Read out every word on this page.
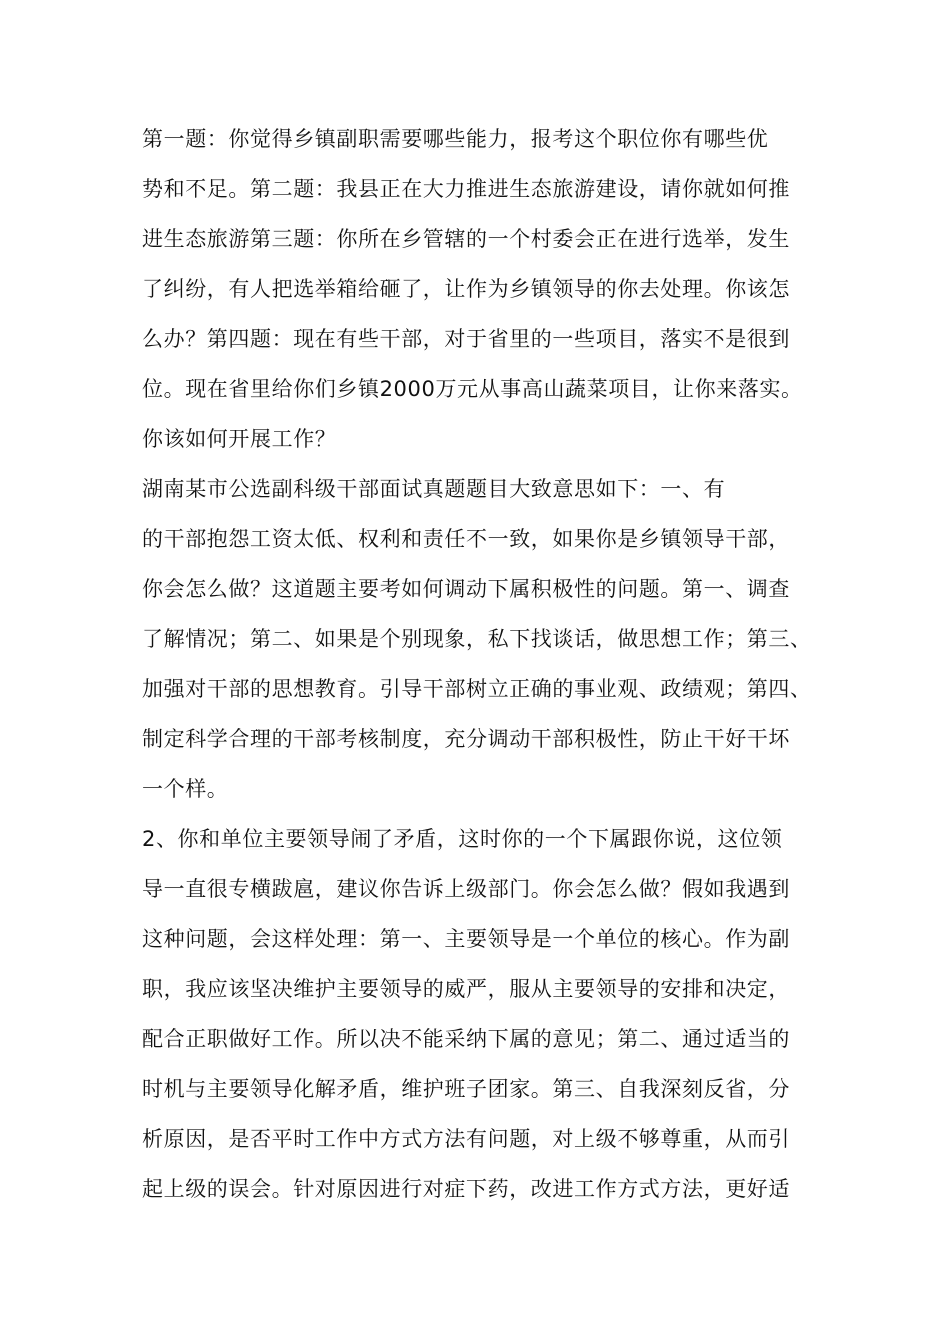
第一题：你觉得乡镇副职需要哪些能力，报考这个职位你有哪些优
势和不足。第二题：我县正在大力推进生态旅游建设，请你就如何推
进生态旅游第三题：你所在乡管辖的一个村委会正在进行选举，发生
了纠纷，有人把选举箱给砸了，让作为乡镇领导的你去处理。你该怎
么办？第四题：现在有些干部，对于省里的一些项目，落实不是很到
位。现在省里给你们乡镇2000万元从事高山蔬菜项目，让你来落实。
你该如何开展工作？
湖南某市公选副科级干部面试真题题目大致意思如下：一、有
的干部抱怨工资太低、权利和责任不一致，如果你是乡镇领导干部，
你会怎么做？这道题主要考如何调动下属积极性的问题。第一、调查
了解情况；第二、如果是个别现象，私下找谈话，做思想工作；第三、
加强对干部的思想教育。引导干部树立正确的事业观、政绩观；第四、
制定科学合理的干部考核制度，充分调动干部积极性，防止干好干坏
一个样。
2、你和单位主要领导闹了矛盾，这时你的一个下属跟你说，这位领
导一直很专横跋扈，建议你告诉上级部门。你会怎么做？假如我遇到
这种问题，会这样处理：第一、主要领导是一个单位的核心。作为副
职，我应该坚决维护主要领导的威严，服从主要领导的安排和决定，
配合正职做好工作。所以决不能采纳下属的意见；第二、通过适当的
时机与主要领导化解矛盾，维护班子团家。第三、自我深刻反省，分
析原因，是否平时工作中方式方法有问题，对上级不够尊重，从而引
起上级的误会。针对原因进行对症下药，改进工作方式方法，更好适
